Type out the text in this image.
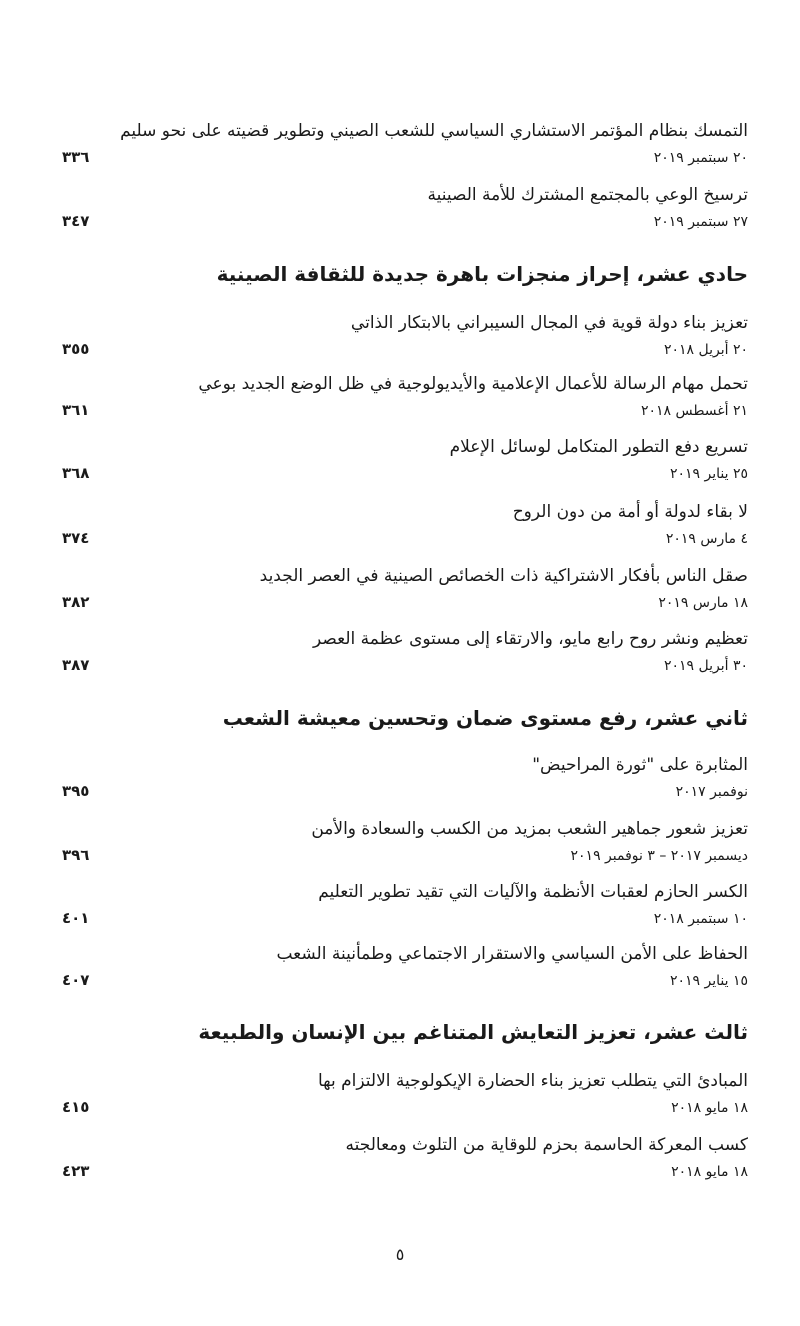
التمسك بنظام المؤتمر الاستشاري السياسي للشعب الصيني وتطوير قضيته على نحو سليم
٢٠ سبتمبر ٢٠١٩
٣٣٦
ترسيخ الوعي بالمجتمع المشترك للأمة الصينية
٢٧ سبتمبر ٢٠١٩
٣٤٧
حادي عشر، إحراز منجزات باهرة جديدة للثقافة الصينية
تعزيز بناء دولة قوية في المجال السيبراني بالابتكار الذاتي
٢٠ أبريل ٢٠١٨
٣٥٥
تحمل مهام الرسالة للأعمال الإعلامية والأيديولوجية في ظل الوضع الجديد بوعي
٢١ أغسطس ٢٠١٨
٣٦١
تسريع دفع التطور المتكامل لوسائل الإعلام
٢٥ يناير ٢٠١٩
٣٦٨
لا بقاء لدولة أو أمة من دون الروح
٤ مارس ٢٠١٩
٣٧٤
صقل الناس بأفكار الاشتراكية ذات الخصائص الصينية في العصر الجديد
١٨ مارس ٢٠١٩
٣٨٢
تعظيم ونشر روح رابع مايو، والارتقاء إلى مستوى عظمة العصر
٣٠ أبريل ٢٠١٩
٣٨٧
ثاني عشر، رفع مستوى ضمان وتحسين معيشة الشعب
المثابرة على "ثورة المراحيض"
نوفمبر ٢٠١٧
٣٩٥
تعزيز شعور جماهير الشعب بمزيد من الكسب والسعادة والأمن
ديسمبر ٢٠١٧ – ٣ نوفمبر ٢٠١٩
٣٩٦
الكسر الحازم لعقبات الأنظمة والآليات التي تقيد تطوير التعليم
١٠ سبتمبر ٢٠١٨
٤٠١
الحفاظ على الأمن السياسي والاستقرار الاجتماعي وطمأنينة الشعب
١٥ يناير ٢٠١٩
٤٠٧
ثالث عشر، تعزيز التعايش المتناغم بين الإنسان والطبيعة
المبادئ التي يتطلب تعزيز بناء الحضارة الإيكولوجية الالتزام بها
١٨ مايو ٢٠١٨
٤١٥
كسب المعركة الحاسمة بحزم للوقاية من التلوث ومعالجته
١٨ مايو ٢٠١٨
٤٢٣
٥
